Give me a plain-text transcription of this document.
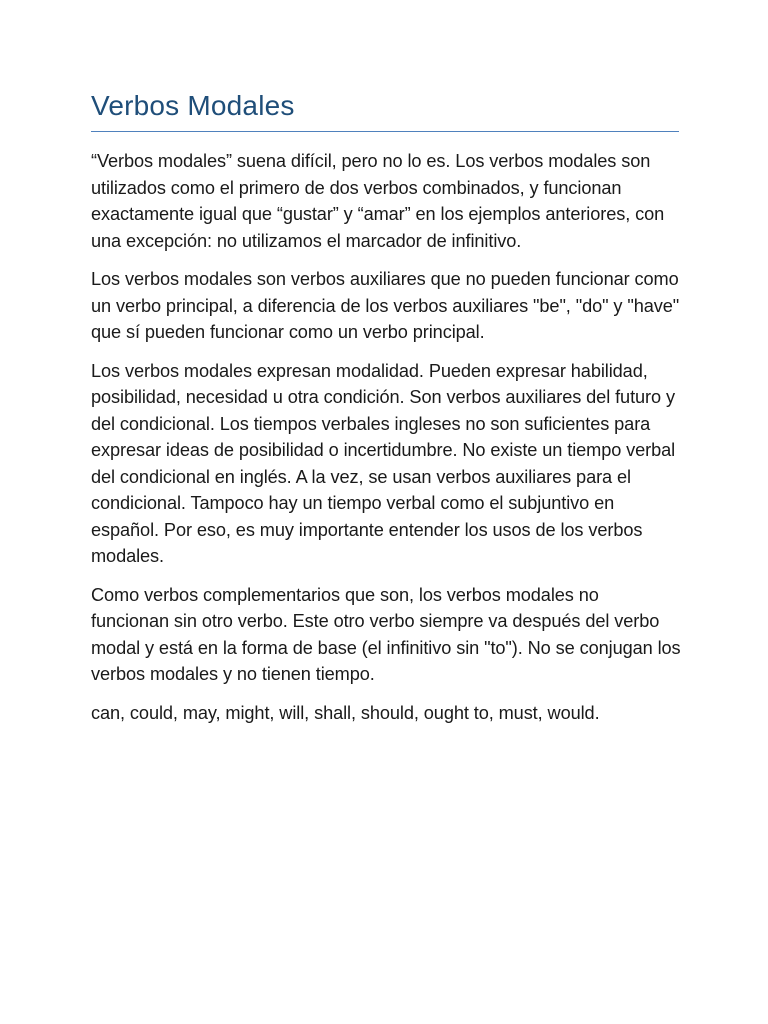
Verbos Modales

“Verbos modales” suena difícil, pero no lo es. Los verbos modales son utilizados como el primero de dos verbos combinados, y funcionan exactamente igual que “gustar” y “amar” en los ejemplos anteriores, con una excepción: no utilizamos el marcador de infinitivo.

Los verbos modales son verbos auxiliares que no pueden funcionar como un verbo principal, a diferencia de los verbos auxiliares "be", "do" y "have" que sí pueden funcionar como un verbo principal.

Los verbos modales expresan modalidad. Pueden expresar habilidad, posibilidad, necesidad u otra condición. Son verbos auxiliares del futuro y del condicional. Los tiempos verbales ingleses no son suficientes para expresar ideas de posibilidad o incertidumbre. No existe un tiempo verbal del condicional en inglés. A la vez, se usan verbos auxiliares para el condicional. Tampoco hay un tiempo verbal como el subjuntivo en español. Por eso, es muy importante entender los usos de los verbos modales.

Como verbos complementarios que son, los verbos modales no funcionan sin otro verbo. Este otro verbo siempre va después del verbo modal y está en la forma de base (el infinitivo sin "to"). No se conjugan los verbos modales y no tienen tiempo.

can, could, may, might, will, shall, should, ought to, must, would.
